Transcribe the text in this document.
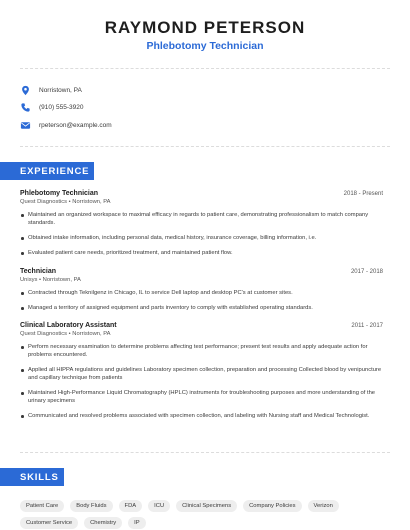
RAYMOND PETERSON
Phlebotomy Technician
Norristown, PA
(910) 555-3920
rpeterson@example.com
EXPERIENCE
Phlebotomy Technician	2018 - Present
Quest Diagnostics • Norristown, PA
Maintained an organized workspace to maximal efficacy in regards to patient care, demonstrating professionalism to match company standards.
Obtained intake information, including personal data, medical history, insurance coverage, billing information, i.e.
Evaluated patient care needs, prioritized treatment, and maintained patient flow.
Technician	2017 - 2018
Unisys • Norristown, PA
Contracted through Teknilgenz in Chicago, IL to service Dell laptop and desktop PC's at customer sites.
Managed a territory of assigned equipment and parts inventory to comply with established operating standards.
Clinical Laboratory Assistant	2011 - 2017
Quest Diagnostics • Norristown, PA
Perform necessary examination to determine problems affecting test performance; present test results and apply adequate action for problems encountered.
Applied all HIPPA regulations and guidelines Laboratory specimen collection, preparation and processing Collected blood by venipuncture and capillary technique from patients
Maintained High-Performance Liquid Chromatography (HPLC) instruments for troubleshooting purposes and more understanding of the urinary specimens
Communicated and resolved problems associated with specimen collection, and labeling with Nursing staff and Medical Technologist.
SKILLS
Patient Care	Body Fluids	FDA	ICU	Clinical Specimens	Company Policies	Verizon
Customer Service	Chemistry	IP
